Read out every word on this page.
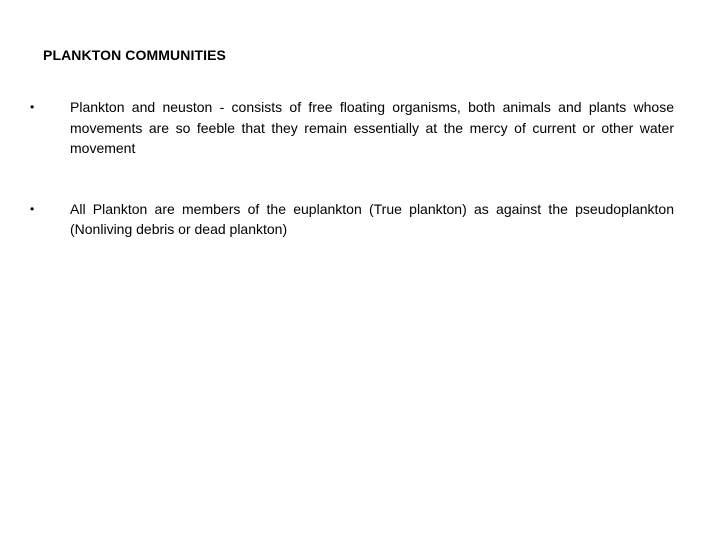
PLANKTON COMMUNITIES
•	Plankton and neuston - consists of free floating organisms, both animals and plants whose movements are so feeble that they remain essentially at the mercy of current or other water movement
•	All Plankton are members of the euplankton (True plankton) as against the pseudoplankton (Nonliving debris or dead plankton)
